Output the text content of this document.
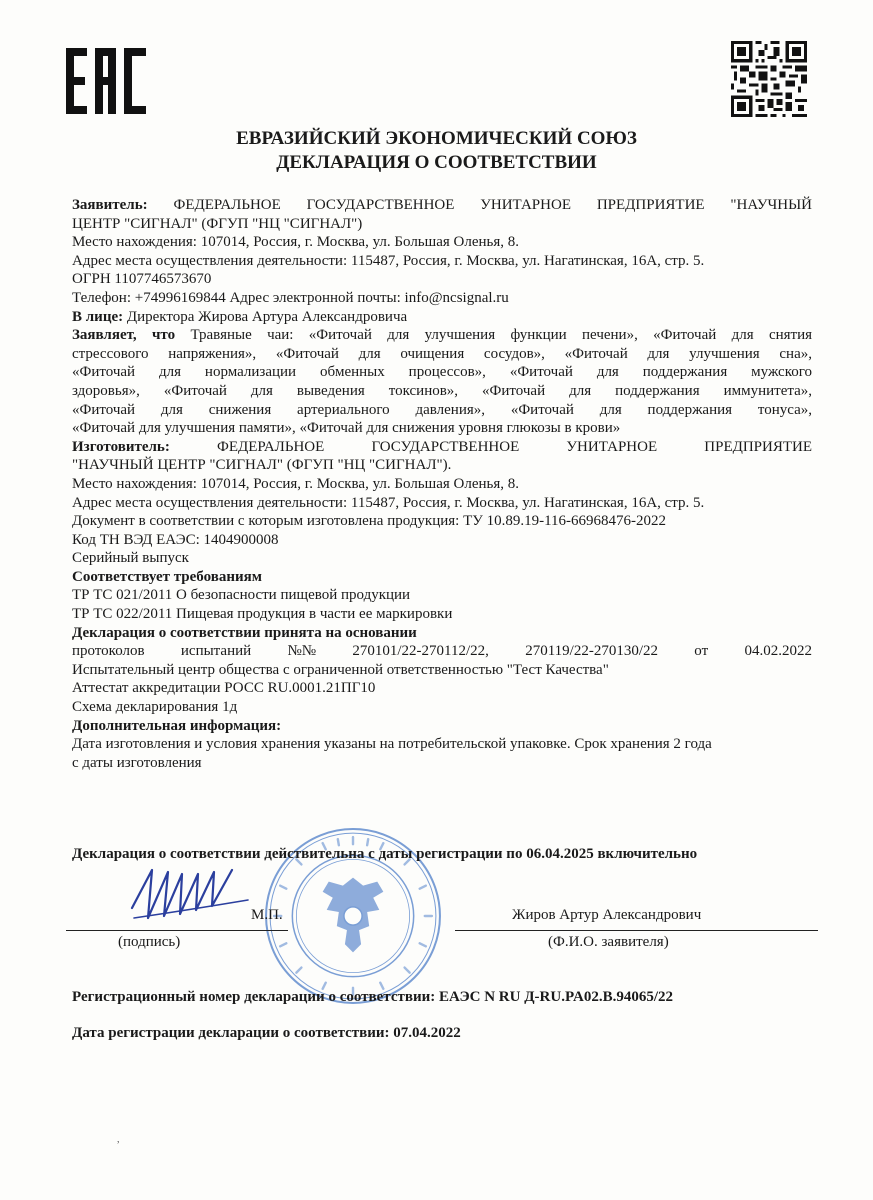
ЕВРАЗИЙСКИЙ ЭКОНОМИЧЕСКИЙ СОЮЗ
ДЕКЛАРАЦИЯ О СООТВЕТСТВИИ

Заявитель: ФЕДЕРАЛЬНОЕ ГОСУДАРСТВЕННОЕ УНИТАРНОЕ ПРЕДПРИЯТИЕ "НАУЧНЫЙ

ЦЕНТР "СИГНАЛ" (ФГУП "НЦ "СИГНАЛ")

Место нахождения: 107014, Россия, г. Москва, ул. Большая Оленья, 8.

Адрес места осуществления деятельности: 115487, Россия, г. Москва, ул. Нагатинская, 16А, стр. 5.

ОГРН 1107746573670

Телефон: +74996169844 Адрес электронной почты: info@ncsignal.ru

В лице: Директора Жирова Артура Александровича

Заявляет, что Травяные чаи: «Фиточай для улучшения функции печени», «Фиточай для снятия

стрессового напряжения», «Фиточай для очищения сосудов», «Фиточай для улучшения сна»,

«Фиточай для нормализации обменных процессов», «Фиточай для поддержания мужского

здоровья», «Фиточай для выведения токсинов», «Фиточай для поддержания иммунитета»,

«Фиточай для снижения артериального давления», «Фиточай для поддержания тонуса»,

«Фиточай для улучшения памяти», «Фиточай для снижения уровня глюкозы в крови»

Изготовитель:	ФЕДЕРАЛЬНОЕ ГОСУДАРСТВЕННОЕ УНИТАРНОЕ ПРЕДПРИЯТИЕ

"НАУЧНЫЙ ЦЕНТР "СИГНАЛ" (ФГУП "НЦ "СИГНАЛ").

Место нахождения: 107014, Россия, г. Москва, ул. Большая Оленья, 8.

Адрес места осуществления деятельности: 115487, Россия, г. Москва, ул. Нагатинская, 16А, стр. 5.

Документ в соответствии с которым изготовлена продукция: ТУ 10.89.19-116-66968476-2022

Код ТН ВЭД ЕАЭС: 1404900008

Серийный выпуск

Соответствует требованиям

ТР ТС 021/2011 О безопасности пищевой продукции

ТР ТС 022/2011 Пищевая продукция в части ее маркировки

Декларация о соответствии принята на основании

протоколов испытаний №№ 270101/22-270112/22, 270119/22-270130/22 от 04.02.2022

Испытательный центр общества с ограниченной ответственностью "Тест Качества"

Аттестат аккредитации РОСС RU.0001.21ПГ10

Схема декларирования 1д

Дополнительная информация:

Дата изготовления и условия хранения указаны на потребительской упаковке. Срок хранения 2 года

с даты изготовления

Декларация о соответствии действительна с даты регистрации по 06.04.2025 включительно
М.П.	Жиров Артур Александрович
(подпись)	(Ф.И.О. заявителя)
Регистрационный номер декларации о соответствии: ЕАЭС N RU Д-RU.PA02.B.94065/22
Дата регистрации декларации о соответствии: 07.04.2022
,
